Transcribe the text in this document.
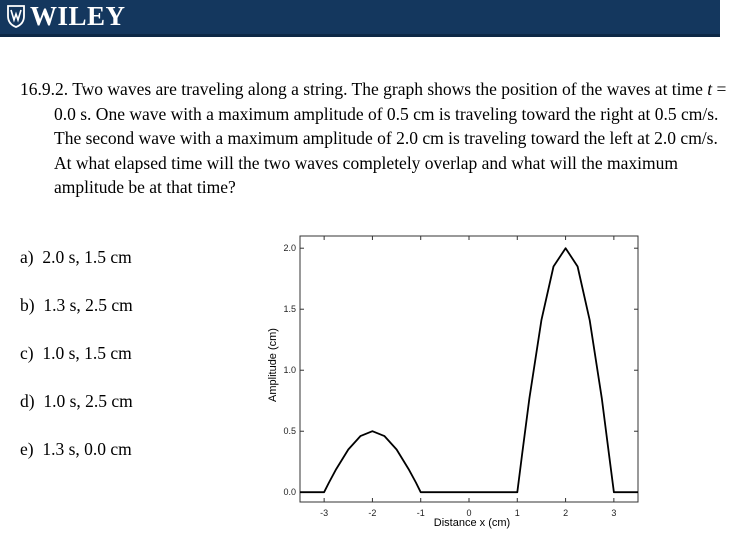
WILEY
16.9.2. Two waves are traveling along a string. The graph shows the position of the waves at time t = 0.0 s. One wave with a maximum amplitude of 0.5 cm is traveling toward the right at 0.5 cm/s. The second wave with a maximum amplitude of 2.0 cm is traveling toward the left at 2.0 cm/s. At what elapsed time will the two waves completely overlap and what will the maximum amplitude be at that time?
a) 2.0 s, 1.5 cm
b) 1.3 s, 2.5 cm
c) 1.0 s, 1.5 cm
d) 1.0 s, 2.5 cm
e) 1.3 s, 0.0 cm
-3	-2	-1	0	1	2	3
0.0
0.5
1.0
1.5
2.0
Distance x (cm)
Amplitude (cm)
